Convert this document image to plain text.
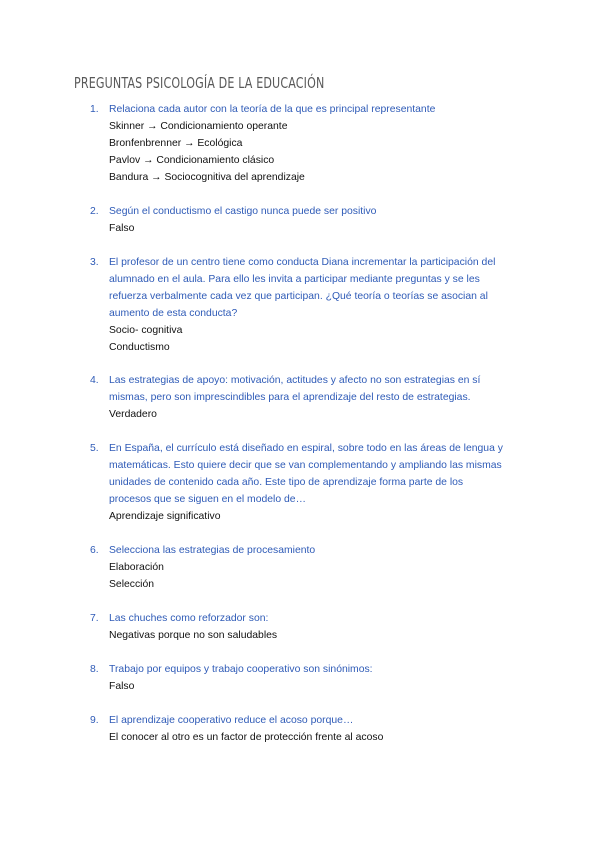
PREGUNTAS PSICOLOGÍA DE LA EDUCACIÓN
1. Relaciona cada autor con la teoría de la que es principal representante
Skinner → Condicionamiento operante
Bronfenbrenner → Ecológica
Pavlov → Condicionamiento clásico
Bandura → Sociocognitiva del aprendizaje
2. Según el conductismo el castigo nunca puede ser positivo
Falso
3. El profesor de un centro tiene como conducta Diana incrementar la participación del
alumnado en el aula. Para ello les invita a participar mediante preguntas y se les
refuerza verbalmente cada vez que participan. ¿Qué teoría o teorías se asocian al
aumento de esta conducta?
Socio- cognitiva
Conductismo
4. Las estrategias de apoyo: motivación, actitudes y afecto no son estrategias en sí
mismas, pero son imprescindibles para el aprendizaje del resto de estrategias.
Verdadero
5. En España, el currículo está diseñado en espiral, sobre todo en las áreas de lengua y
matemáticas. Esto quiere decir que se van complementando y ampliando las mismas
unidades de contenido cada año. Este tipo de aprendizaje forma parte de los
procesos que se siguen en el modelo de…
Aprendizaje significativo
6. Selecciona las estrategias de procesamiento
Elaboración
Selección
7. Las chuches como reforzador son:
Negativas porque no son saludables
8. Trabajo por equipos y trabajo cooperativo son sinónimos:
Falso
9. El aprendizaje cooperativo reduce el acoso porque…
El conocer al otro es un factor de protección frente al acoso
